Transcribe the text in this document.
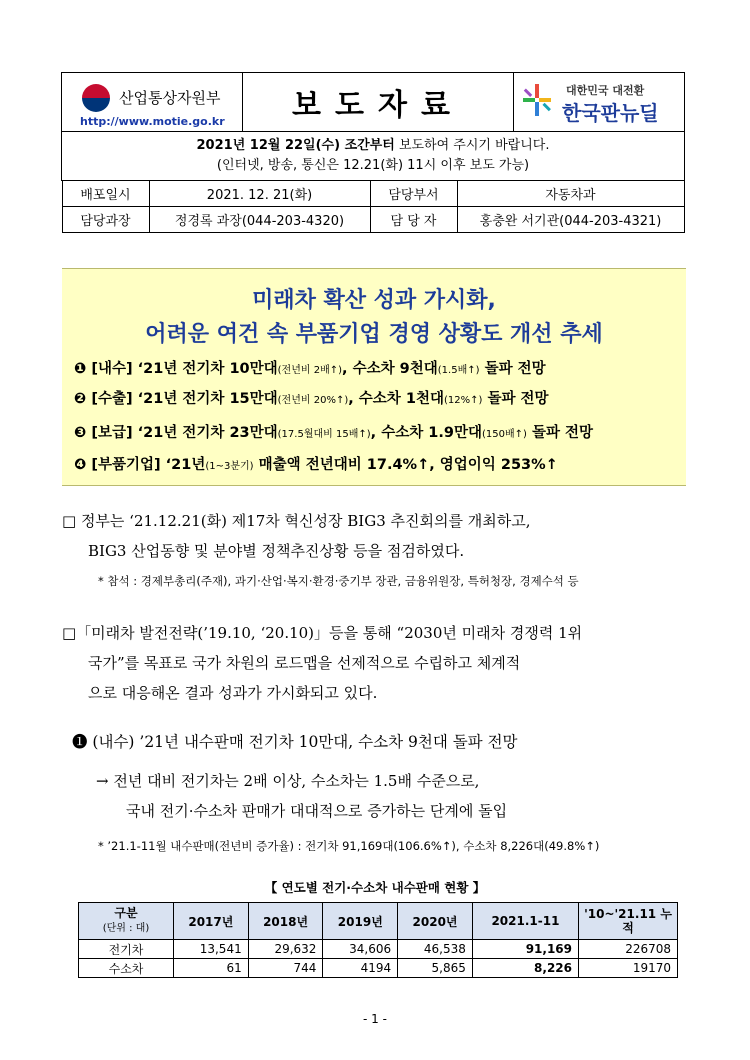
산업통상자원부
http://www.motie.go.kr	보도자료	대한민국 대전환
한국판뉴딜

2021년 12월 22일(수) 조간부터 보도하여 주시기 바랍니다.
(인터넷, 방송, 통신은 12.21(화) 11시 이후 보도 가능)

배포일시	2021. 12. 21(화)	담당부서	자동차과
담당과장	정경록 과장(044-203-4320)	담 당 자	홍충완 서기관(044-203-4321)
미래차 확산 성과 가시화,
어려운 여건 속 부품기업 경영 상황도 개선 추세
❶ [내수] ‘21년 전기차 10만대(전년비 2배↑), 수소차 9천대(1.5배↑) 돌파 전망
❷ [수출] ‘21년 전기차 15만대(전년비 20%↑), 수소차 1천대(12%↑) 돌파 전망
❸ [보급] ‘21년 전기차 23만대(17.5월대비 15배↑), 수소차 1.9만대(150배↑) 돌파 전망
❹ [부품기업] ‘21년(1~3분기) 매출액 전년대비 17.4%↑, 영업이익 253%↑
□ 정부는 ‘21.12.21(화) 제17차 혁신성장 BIG3 추진회의를 개최하고,
BIG3 산업동향 및 분야별 정책추진상황 등을 점검하였다.
* 참석 : 경제부총리(주재), 과기·산업·복지·환경·중기부 장관, 금융위원장, 특허청장, 경제수석 등
□「미래차 발전전략(’19.10, ‘20.10)」등을 통해 “2030년 미래차 경쟁력 1위
국가”를 목표로 국가 차원의 로드맵을 선제적으로 수립하고 체계적
으로 대응해온 결과 성과가 가시화되고 있다.
❶ (내수) ’21년 내수판매 전기차 10만대, 수소차 9천대 돌파 전망
→ 전년 대비 전기차는 2배 이상, 수소차는 1.5배 수준으로,
국내 전기·수소차 판매가 대대적으로 증가하는 단계에 돌입
* ’21.1-11월 내수판매(전년비 증가율) : 전기차 91,169대(106.6%↑), 수소차 8,226대(49.8%↑)
【 연도별 전기·수소차 내수판매 현황 】
구분
(단위 : 대)	2017년	2018년	2019년	2020년	2021.1-11	'10~'21.11 누적
전기차	13,541	29,632	34,606	46,538	91,169	226708
수소차	61	744	4194	5,865	8,226	19170
- 1 -
